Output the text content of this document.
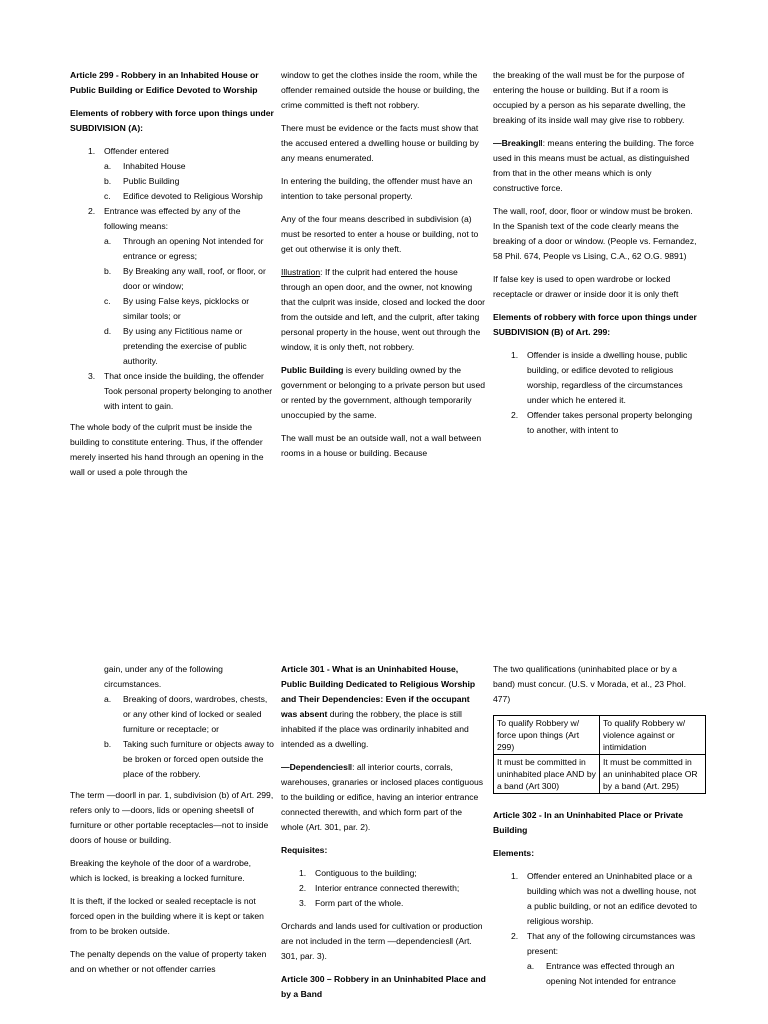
Article 299 - Robbery in an Inhabited House or Public Building or Edifice Devoted to Worship

Elements of robbery with force upon things under SUBDIVISION (A):

1. Offender entered
a. Inhabited House
b. Public Building
c. Edifice devoted to Religious Worship
2. Entrance was effected by any of the following means:
a. Through an opening Not intended for entrance or egress;
b. By Breaking any wall, roof, or floor, or door or window;
c. By using False keys, picklocks or similar tools; or
d. By using any Fictitious name or pretending the exercise of public authority.
3. That once inside the building, the offender Took personal property belonging to another with intent to gain.

The whole body of the culprit must be inside the building to constitute entering. Thus, if the offender merely inserted his hand through an opening in the wall or used a pole through the

window to get the clothes inside the room, while the offender remained outside the house or building, the crime committed is theft not robbery.

There must be evidence or the facts must show that the accused entered a dwelling house or building by any means enumerated.

In entering the building, the offender must have an intention to take personal property.

Any of the four means described in subdivision (a) must be resorted to enter a house or building, not to get out otherwise it is only theft.

Illustration: If the culprit had entered the house through an open door, and the owner, not knowing that the culprit was inside, closed and locked the door from the outside and left, and the culprit, after taking personal property in the house, went out through the window, it is only theft, not robbery.

Public Building is every building owned by the government or belonging to a private person but used or rented by the government, although temporarily unoccupied by the same.

The wall must be an outside wall, not a wall between rooms in a house or building. Because

the breaking of the wall must be for the purpose of entering the house or building. But if a room is occupied by a person as his separate dwelling, the breaking of its inside wall may give rise to robbery.

―Breaking‖: means entering the building. The force used in this means must be actual, as distinguished from that in the other means which is only constructive force.

The wall, roof, door, floor or window must be broken. In the Spanish text of the code clearly means the breaking of a door or window. (People vs. Fernandez, 58 Phil. 674, People vs Lising, C.A., 62 O.G. 9891)

If false key is used to open wardrobe or locked receptacle or drawer or inside door it is only theft

Elements of robbery with force upon things under SUBDIVISION (B) of Art. 299:

1. Offender is inside a dwelling house, public building, or edifice devoted to religious worship, regardless of the circumstances under which he entered it.
2. Offender takes personal property belonging to another, with intent to
gain, under any of the following circumstances.
a. Breaking of doors, wardrobes, chests, or any other kind of locked or sealed furniture or receptacle; or
b. Taking such furniture or objects away to be broken or forced open outside the place of the robbery.

The term ―door‖ in par. 1, subdivision (b) of Art. 299, refers only to ―doors, lids or opening sheets‖ of furniture or other portable receptacles―not to inside doors of house or building.

Breaking the keyhole of the door of a wardrobe, which is locked, is breaking a locked furniture.

It is theft, if the locked or sealed receptacle is not forced open in the building where it is kept or taken from to be broken outside.

The penalty depends on the value of property taken and on whether or not offender carries

Article 301 - What is an Uninhabited House, Public Building Dedicated to Religious Worship and Their Dependencies: Even if the occupant was absent during the robbery, the place is still inhabited if the place was ordinarily inhabited and intended as a dwelling.

―Dependencies‖: all interior courts, corrals, warehouses, granaries or inclosed places contiguous to the building or edifice, having an interior entrance connected therewith, and which form part of the whole (Art. 301, par. 2).

Requisites:

1. Contiguous to the building;
2. Interior entrance connected therewith;
3. Form part of the whole.

Orchards and lands used for cultivation or production are not included in the term ―dependencies‖ (Art. 301, par. 3).

Article 300 – Robbery in an Uninhabited Place and by a Band

The two qualifications (uninhabited place or by a band) must concur. (U.S. v Morada, et al., 23 Phol. 477)

To qualify Robbery w/ force upon things (Art 299)	To qualify Robbery w/ violence against or intimidation
It must be committed in uninhabited place AND by a band (Art 300)	It must be committed in an uninhabited place OR by a band (Art. 295)

Article 302 - In an Uninhabited Place or Private Building

Elements:

1. Offender entered an Uninhabited place or a building which was not a dwelling house, not a public building, or not an edifice devoted to religious worship.
2. That any of the following circumstances was present:
a. Entrance was effected through an opening Not intended for entrance
